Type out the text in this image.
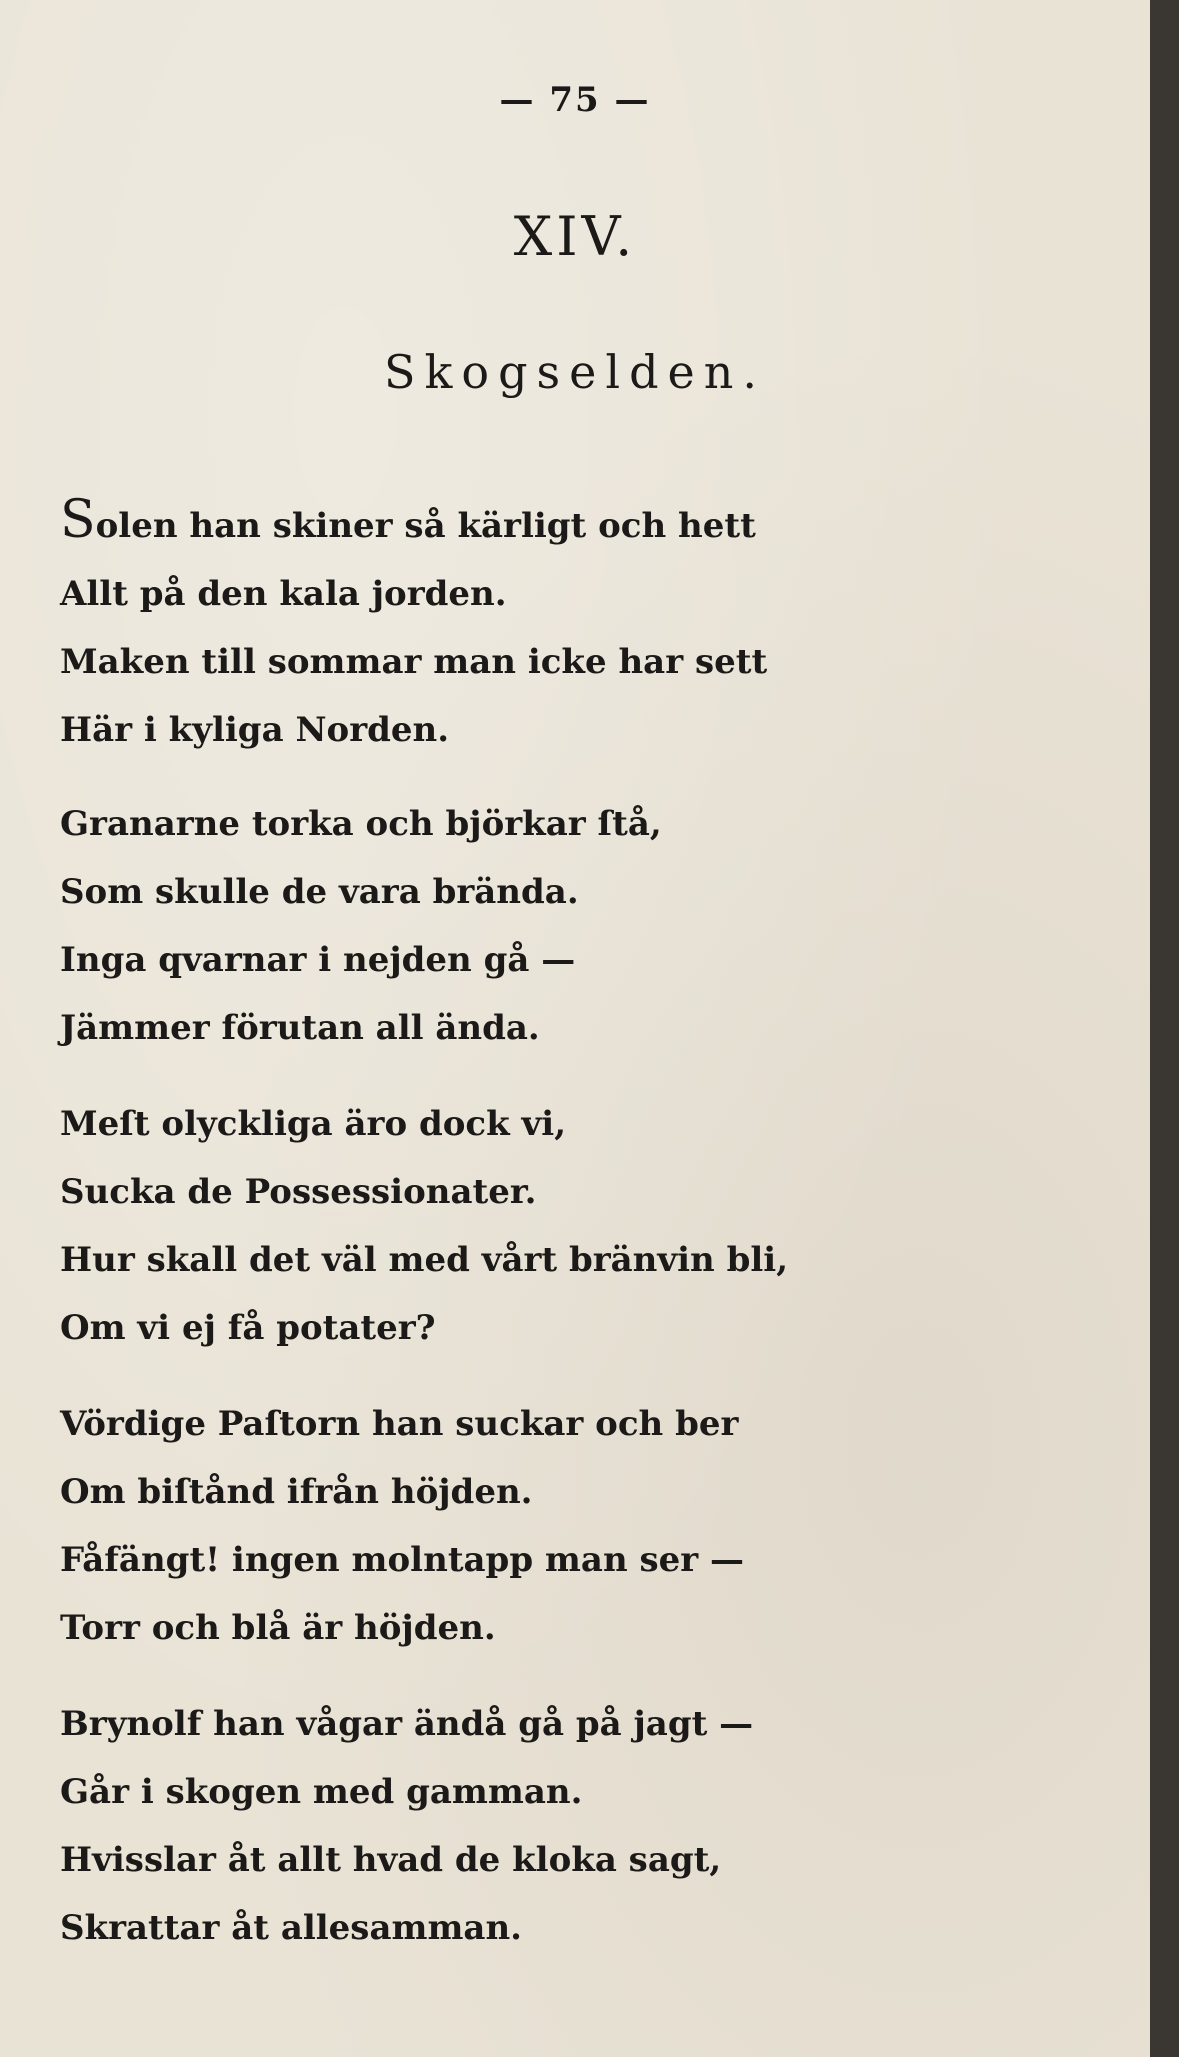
— 75 —
XIV.
Skogselden.
Solen han skiner så kärligt och hett
Allt på den kala jorden.
Maken till sommar man icke har sett
Här i kyliga Norden.
Granarne torka och björkar ſtå,
Som skulle de vara brända.
Inga qvarnar i nejden gå —
Jämmer förutan all ända.
Meſt olyckliga äro dock vi,
Sucka de Possessionater.
Hur skall det väl med vårt bränvin bli,
Om vi ej få potater?
Vördige Paſtorn han suckar och ber
Om biſtånd ifrån höjden.
Fåfängt! ingen molntapp man ser —
Torr och blå är höjden.
Brynolf han vågar ändå gå på jagt —
Går i skogen med gamman.
Hvisslar åt allt hvad de kloka sagt,
Skrattar åt allesamman.
